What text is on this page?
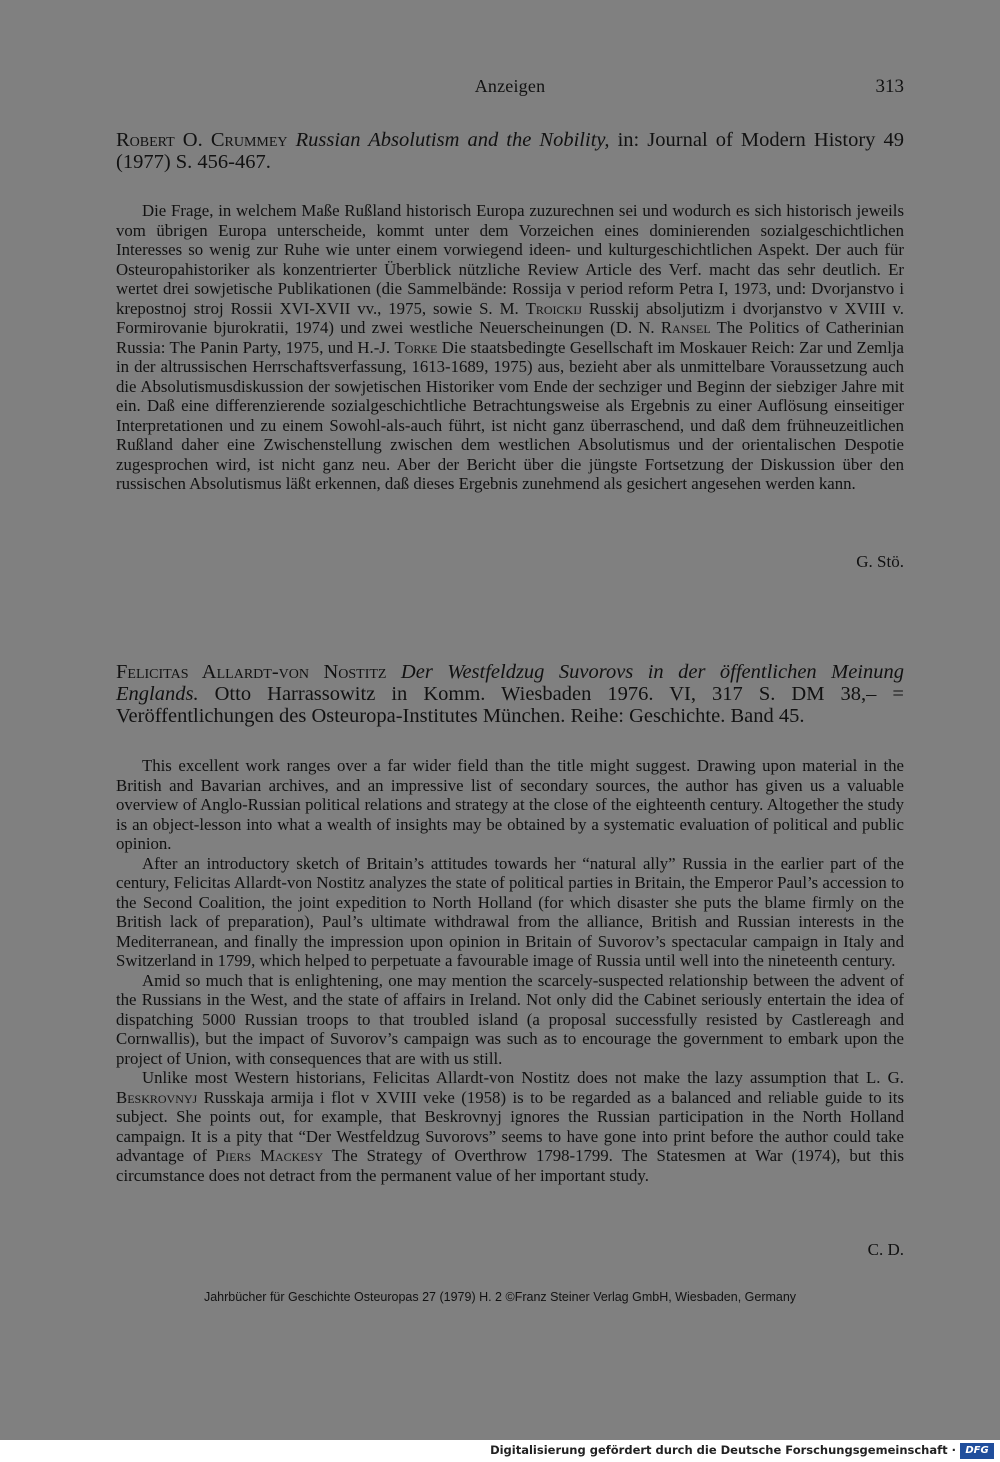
Anzeigen	313
Robert O. Crummey Russian Absolutism and the Nobility, in: Journal of Modern History 49 (1977) S. 456-467.

Die Frage, in welchem Maße Rußland historisch Europa zuzurechnen sei und wodurch es sich historisch jeweils vom übrigen Europa unterscheide, kommt unter dem Vorzeichen eines dominierenden sozialgeschichtlichen Interesses so wenig zur Ruhe wie unter einem vorwiegend ideen- und kulturgeschichtlichen Aspekt. Der auch für Osteuropahistoriker als konzentrierter Überblick nützliche Review Article des Verf. macht das sehr deutlich. Er wertet drei sowjetische Publikationen (die Sammelbände: Rossija v period reform Petra I, 1973, und: Dvorjanstvo i krepostnoj stroj Rossii XVI-XVII vv., 1975, sowie S. M. Troickij Russkij absoljutizm i dvorjanstvo v XVIII v. Formirovanie bjurokratii, 1974) und zwei westliche Neuerscheinungen (D. N. Ransel The Politics of Catherinian Russia: The Panin Party, 1975, und H.-J. Torke Die staatsbedingte Gesellschaft im Moskauer Reich: Zar und Zemlja in der altrussischen Herrschaftsverfassung, 1613-1689, 1975) aus, bezieht aber als unmittelbare Voraussetzung auch die Absolutismusdiskussion der sowjetischen Historiker vom Ende der sechziger und Beginn der siebziger Jahre mit ein. Daß eine differenzierende sozialgeschichtliche Betrachtungsweise als Ergebnis zu einer Auflösung einseitiger Interpretationen und zu einem Sowohl-als-auch führt, ist nicht ganz überraschend, und daß dem frühneuzeitlichen Rußland daher eine Zwischenstellung zwischen dem westlichen Absolutismus und der orientalischen Despotie zugesprochen wird, ist nicht ganz neu. Aber der Bericht über die jüngste Fortsetzung der Diskussion über den russischen Absolutismus läßt erkennen, daß dieses Ergebnis zunehmend als gesichert angesehen werden kann.

G. Stö.
Felicitas Allardt-von Nostitz Der Westfeldzug Suvorovs in der öffentlichen Meinung Englands. Otto Harrassowitz in Komm. Wiesbaden 1976. VI, 317 S. DM 38,– = Veröffentlichungen des Osteuropa-Institutes München. Reihe: Geschichte. Band 45.

This excellent work ranges over a far wider field than the title might suggest. Drawing upon material in the British and Bavarian archives, and an impressive list of secondary sources, the author has given us a valuable overview of Anglo-Russian political relations and strategy at the close of the eighteenth century. Altogether the study is an object-lesson into what a wealth of insights may be obtained by a systematic evaluation of political and public opinion.

After an introductory sketch of Britain’s attitudes towards her “natural ally” Russia in the earlier part of the century, Felicitas Allardt-von Nostitz analyzes the state of political parties in Britain, the Emperor Paul’s accession to the Second Coalition, the joint expedition to North Holland (for which disaster she puts the blame firmly on the British lack of preparation), Paul’s ultimate withdrawal from the alliance, British and Russian interests in the Mediterranean, and finally the impression upon opinion in Britain of Suvorov’s spectacular campaign in Italy and Switzerland in 1799, which helped to perpetuate a favourable image of Russia until well into the nineteenth century.

Amid so much that is enlightening, one may mention the scarcely-suspected relationship between the advent of the Russians in the West, and the state of affairs in Ireland. Not only did the Cabinet seriously entertain the idea of dispatching 5000 Russian troops to that troubled island (a proposal successfully resisted by Castlereagh and Cornwallis), but the impact of Suvorov’s campaign was such as to encourage the government to embark upon the project of Union, with consequences that are with us still.

Unlike most Western historians, Felicitas Allardt-von Nostitz does not make the lazy assumption that L. G. Beskrovnyj Russkaja armija i flot v XVIII veke (1958) is to be regarded as a balanced and reliable guide to its subject. She points out, for example, that Beskrovnyj ignores the Russian participation in the North Holland campaign. It is a pity that “Der Westfeldzug Suvorovs” seems to have gone into print before the author could take advantage of Piers Mackesy The Strategy of Overthrow 1798-1799. The Statesmen at War (1974), but this circumstance does not detract from the permanent value of her important study.

C. D.
Jahrbücher für Geschichte Osteuropas 27 (1979) H. 2 ©Franz Steiner Verlag GmbH, Wiesbaden, Germany
Digitalisierung gefördert durch die Deutsche Forschungsgemeinschaft · DFG
